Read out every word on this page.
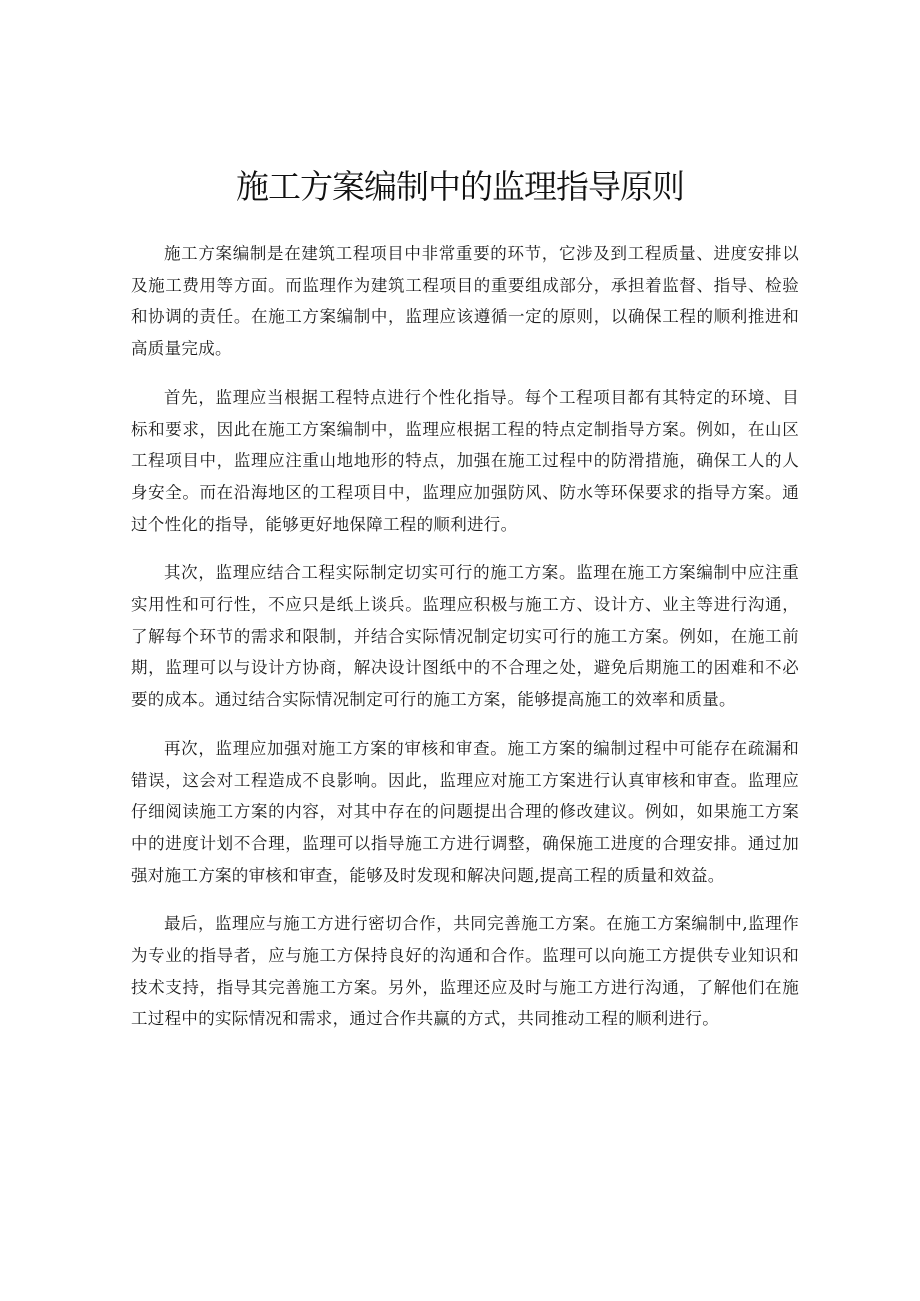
施工方案编制中的监理指导原则

施工方案编制是在建筑工程项目中非常重要的环节，它涉及到工程质量、进度安排以及施工费用等方面。而监理作为建筑工程项目的重要组成部分，承担着监督、指导、检验和协调的责任。在施工方案编制中，监理应该遵循一定的原则，以确保工程的顺利推进和高质量完成。

首先，监理应当根据工程特点进行个性化指导。每个工程项目都有其特定的环境、目标和要求，因此在施工方案编制中，监理应根据工程的特点定制指导方案。例如，在山区工程项目中，监理应注重山地地形的特点，加强在施工过程中的防滑措施，确保工人的人身安全。而在沿海地区的工程项目中，监理应加强防风、防水等环保要求的指导方案。通过个性化的指导，能够更好地保障工程的顺利进行。

其次，监理应结合工程实际制定切实可行的施工方案。监理在施工方案编制中应注重实用性和可行性，不应只是纸上谈兵。监理应积极与施工方、设计方、业主等进行沟通，了解每个环节的需求和限制，并结合实际情况制定切实可行的施工方案。例如，在施工前期，监理可以与设计方协商，解决设计图纸中的不合理之处，避免后期施工的困难和不必要的成本。通过结合实际情况制定可行的施工方案，能够提高施工的效率和质量。

再次，监理应加强对施工方案的审核和审查。施工方案的编制过程中可能存在疏漏和错误，这会对工程造成不良影响。因此，监理应对施工方案进行认真审核和审查。监理应仔细阅读施工方案的内容，对其中存在的问题提出合理的修改建议。例如，如果施工方案中的进度计划不合理，监理可以指导施工方进行调整，确保施工进度的合理安排。通过加强对施工方案的审核和审查，能够及时发现和解决问题,提高工程的质量和效益。

最后，监理应与施工方进行密切合作，共同完善施工方案。在施工方案编制中,监理作为专业的指导者，应与施工方保持良好的沟通和合作。监理可以向施工方提供专业知识和技术支持，指导其完善施工方案。另外，监理还应及时与施工方进行沟通，了解他们在施工过程中的实际情况和需求，通过合作共赢的方式，共同推动工程的顺利进行。
